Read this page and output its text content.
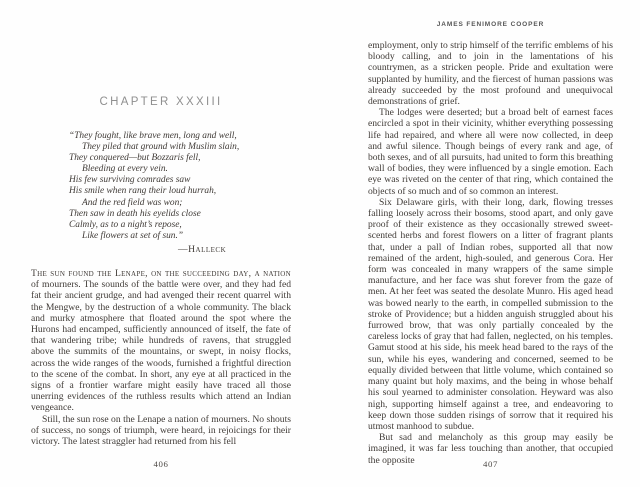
CHAPTER XXXIII
“They fought, like brave men, long and well,
They piled that ground with Muslim slain,
They conquered—but Bozzaris fell,
Bleeding at every vein.
His few surviving comrades saw
His smile when rang their loud hurrah,
And the red field was won;
Then saw in death his eyelids close
Calmly, as to a night’s repose,
Like flowers at set of sun.”
—Halleck

The sun found the Lenape, on the succeeding day, a nation of mourners. The sounds of the battle were over, and they had fed fat their ancient grudge, and had avenged their recent quarrel with the Mengwe, by the destruction of a whole community. The black and murky atmosphere that floated around the spot where the Hurons had encamped, sufficiently announced of itself, the fate of that wandering tribe; while hundreds of ravens, that struggled above the summits of the mountains, or swept, in noisy flocks, across the wide ranges of the woods, furnished a frightful direction to the scene of the combat. In short, any eye at all practiced in the signs of a frontier warfare might easily have traced all those unerring evidences of the ruthless results which attend an Indian vengeance.

Still, the sun rose on the Lenape a nation of mourners. No shouts of success, no songs of triumph, were heard, in rejoicings for their victory. The latest straggler had returned from his fell

406
JAMES FENIMORE COOPER

employment, only to strip himself of the terrific emblems of his bloody calling, and to join in the lamentations of his countrymen, as a stricken people. Pride and exultation were supplanted by humility, and the fiercest of human passions was already succeeded by the most profound and unequivocal demonstrations of grief.

The lodges were deserted; but a broad belt of earnest faces encircled a spot in their vicinity, whither everything possessing life had repaired, and where all were now collected, in deep and awful silence. Though beings of every rank and age, of both sexes, and of all pursuits, had united to form this breathing wall of bodies, they were influenced by a single emotion. Each eye was riveted on the center of that ring, which contained the objects of so much and of so common an interest.

Six Delaware girls, with their long, dark, flowing tresses falling loosely across their bosoms, stood apart, and only gave proof of their existence as they occasionally strewed sweet-scented herbs and forest flowers on a litter of fragrant plants that, under a pall of Indian robes, supported all that now remained of the ardent, high-souled, and generous Cora. Her form was concealed in many wrappers of the same simple manufacture, and her face was shut forever from the gaze of men. At her feet was seated the desolate Munro. His aged head was bowed nearly to the earth, in compelled submission to the stroke of Providence; but a hidden anguish struggled about his furrowed brow, that was only partially concealed by the careless locks of gray that had fallen, neglected, on his temples. Gamut stood at his side, his meek head bared to the rays of the sun, while his eyes, wandering and concerned, seemed to be equally divided between that little volume, which contained so many quaint but holy maxims, and the being in whose behalf his soul yearned to administer consolation. Heyward was also nigh, supporting himself against a tree, and endeavoring to keep down those sudden risings of sorrow that it required his utmost manhood to subdue.

But sad and melancholy as this group may easily be imagined, it was far less touching than another, that occupied the opposite	407
